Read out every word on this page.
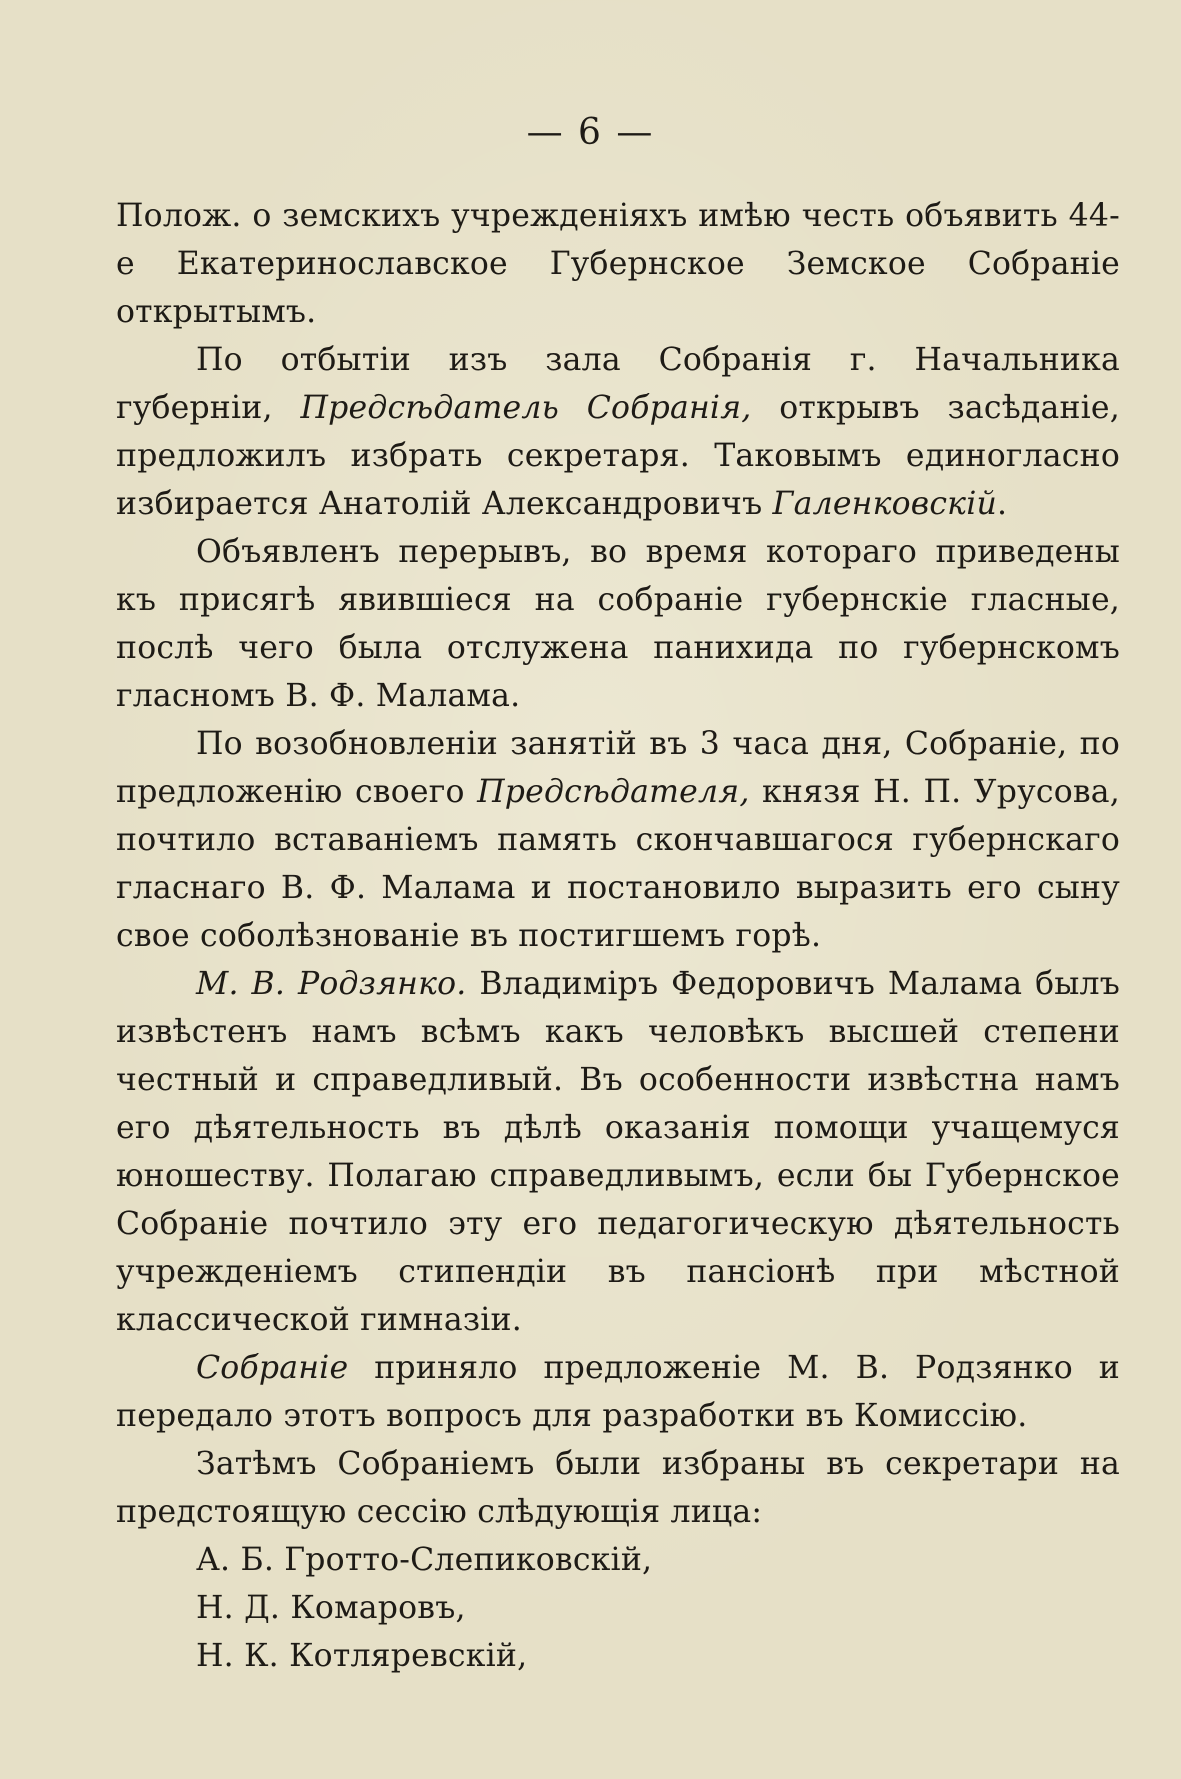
— 6 —

Полож. о земскихъ учрежденіяхъ имѣю честь объявить 44-е Екатеринославское Губернское Земское Собраніе открытымъ.

По отбытіи изъ зала Собранія г. Начальника губерніи, Предсѣдатель Собранія, открывъ засѣданіе, предложилъ избрать секретаря. Таковымъ единогласно избирается Анатолій Александровичъ Галенковскій.

Объявленъ перерывъ, во время котораго приведены къ присягѣ явившіеся на собраніе губернскіе гласные, послѣ чего была отслужена панихида по губернскомъ гласномъ В. Ф. Малама.

По возобновленіи занятій въ 3 часа дня, Собраніе, по предложенію своего Предсѣдателя, князя Н. П. Урусова, почтило вставаніемъ память скончавшагося губернскаго гласнаго В. Ф. Малама и постановило выразить его сыну свое соболѣзнованіе въ постигшемъ горѣ.

М. В. Родзянко. Владиміръ Федоровичъ Малама былъ извѣстенъ намъ всѣмъ какъ человѣкъ высшей степени честный и справедливый. Въ особенности извѣстна намъ его дѣятельность въ дѣлѣ оказанія помощи учащемуся юношеству. Полагаю справедливымъ, если бы Губернское Собраніе почтило эту его педагогическую дѣятельность учрежденіемъ стипендіи въ пансіонѣ при мѣстной классической гимназіи.

Собраніе приняло предложеніе М. В. Родзянко и передало этотъ вопросъ для разработки въ Комиссію.

Затѣмъ Собраніемъ были избраны въ секретари на предстоящую сессію слѣдующія лица:

А. Б. Гротто-Слепиковскій,

Н. Д. Комаровъ,

Н. К. Котляревскій,
